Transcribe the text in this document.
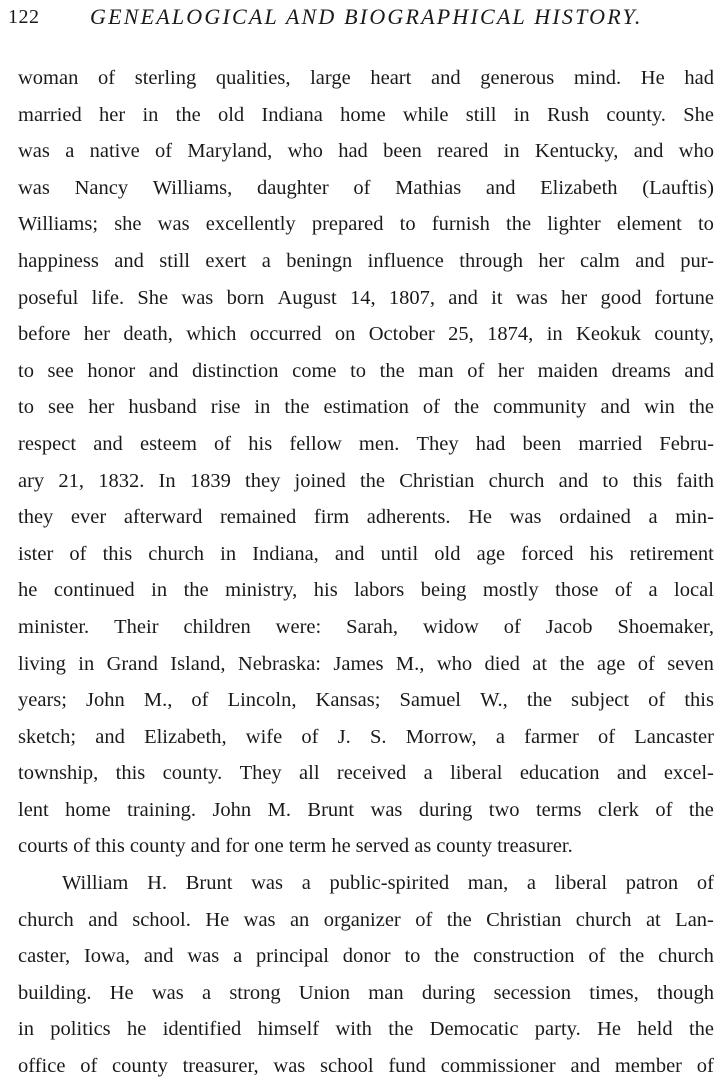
122 GENEALOGICAL AND BIOGRAPHICAL HISTORY.
woman of sterling qualities, large heart and generous mind. He had
married her in the old Indiana home while still in Rush county. She
was a native of Maryland, who had been reared in Kentucky, and who
was Nancy Williams, daughter of Mathias and Elizabeth (Lauftis)
Williams; she was excellently prepared to furnish the lighter element to
happiness and still exert a beningn influence through her calm and pur-
poseful life. She was born August 14, 1807, and it was her good fortune
before her death, which occurred on October 25, 1874, in Keokuk county,
to see honor and distinction come to the man of her maiden dreams and
to see her husband rise in the estimation of the community and win the
respect and esteem of his fellow men. They had been married Febru-
ary 21, 1832. In 1839 they joined the Christian church and to this faith
they ever afterward remained firm adherents. He was ordained a min-
ister of this church in Indiana, and until old age forced his retirement
he continued in the ministry, his labors being mostly those of a local
minister. Their children were: Sarah, widow of Jacob Shoemaker,
living in Grand Island, Nebraska: James M., who died at the age of seven
years; John M., of Lincoln, Kansas; Samuel W., the subject of this
sketch; and Elizabeth, wife of J. S. Morrow, a farmer of Lancaster
township, this county. They all received a liberal education and excel-
lent home training. John M. Brunt was during two terms clerk of the
courts of this county and for one term he served as county treasurer.
William H. Brunt was a public-spirited man, a liberal patron of
church and school. He was an organizer of the Christian church at Lan-
caster, Iowa, and was a principal donor to the construction of the church
building. He was a strong Union man during secession times, though
in politics he identified himself with the Democatic party. He held the
office of county treasurer, was school fund commissioner and member of
